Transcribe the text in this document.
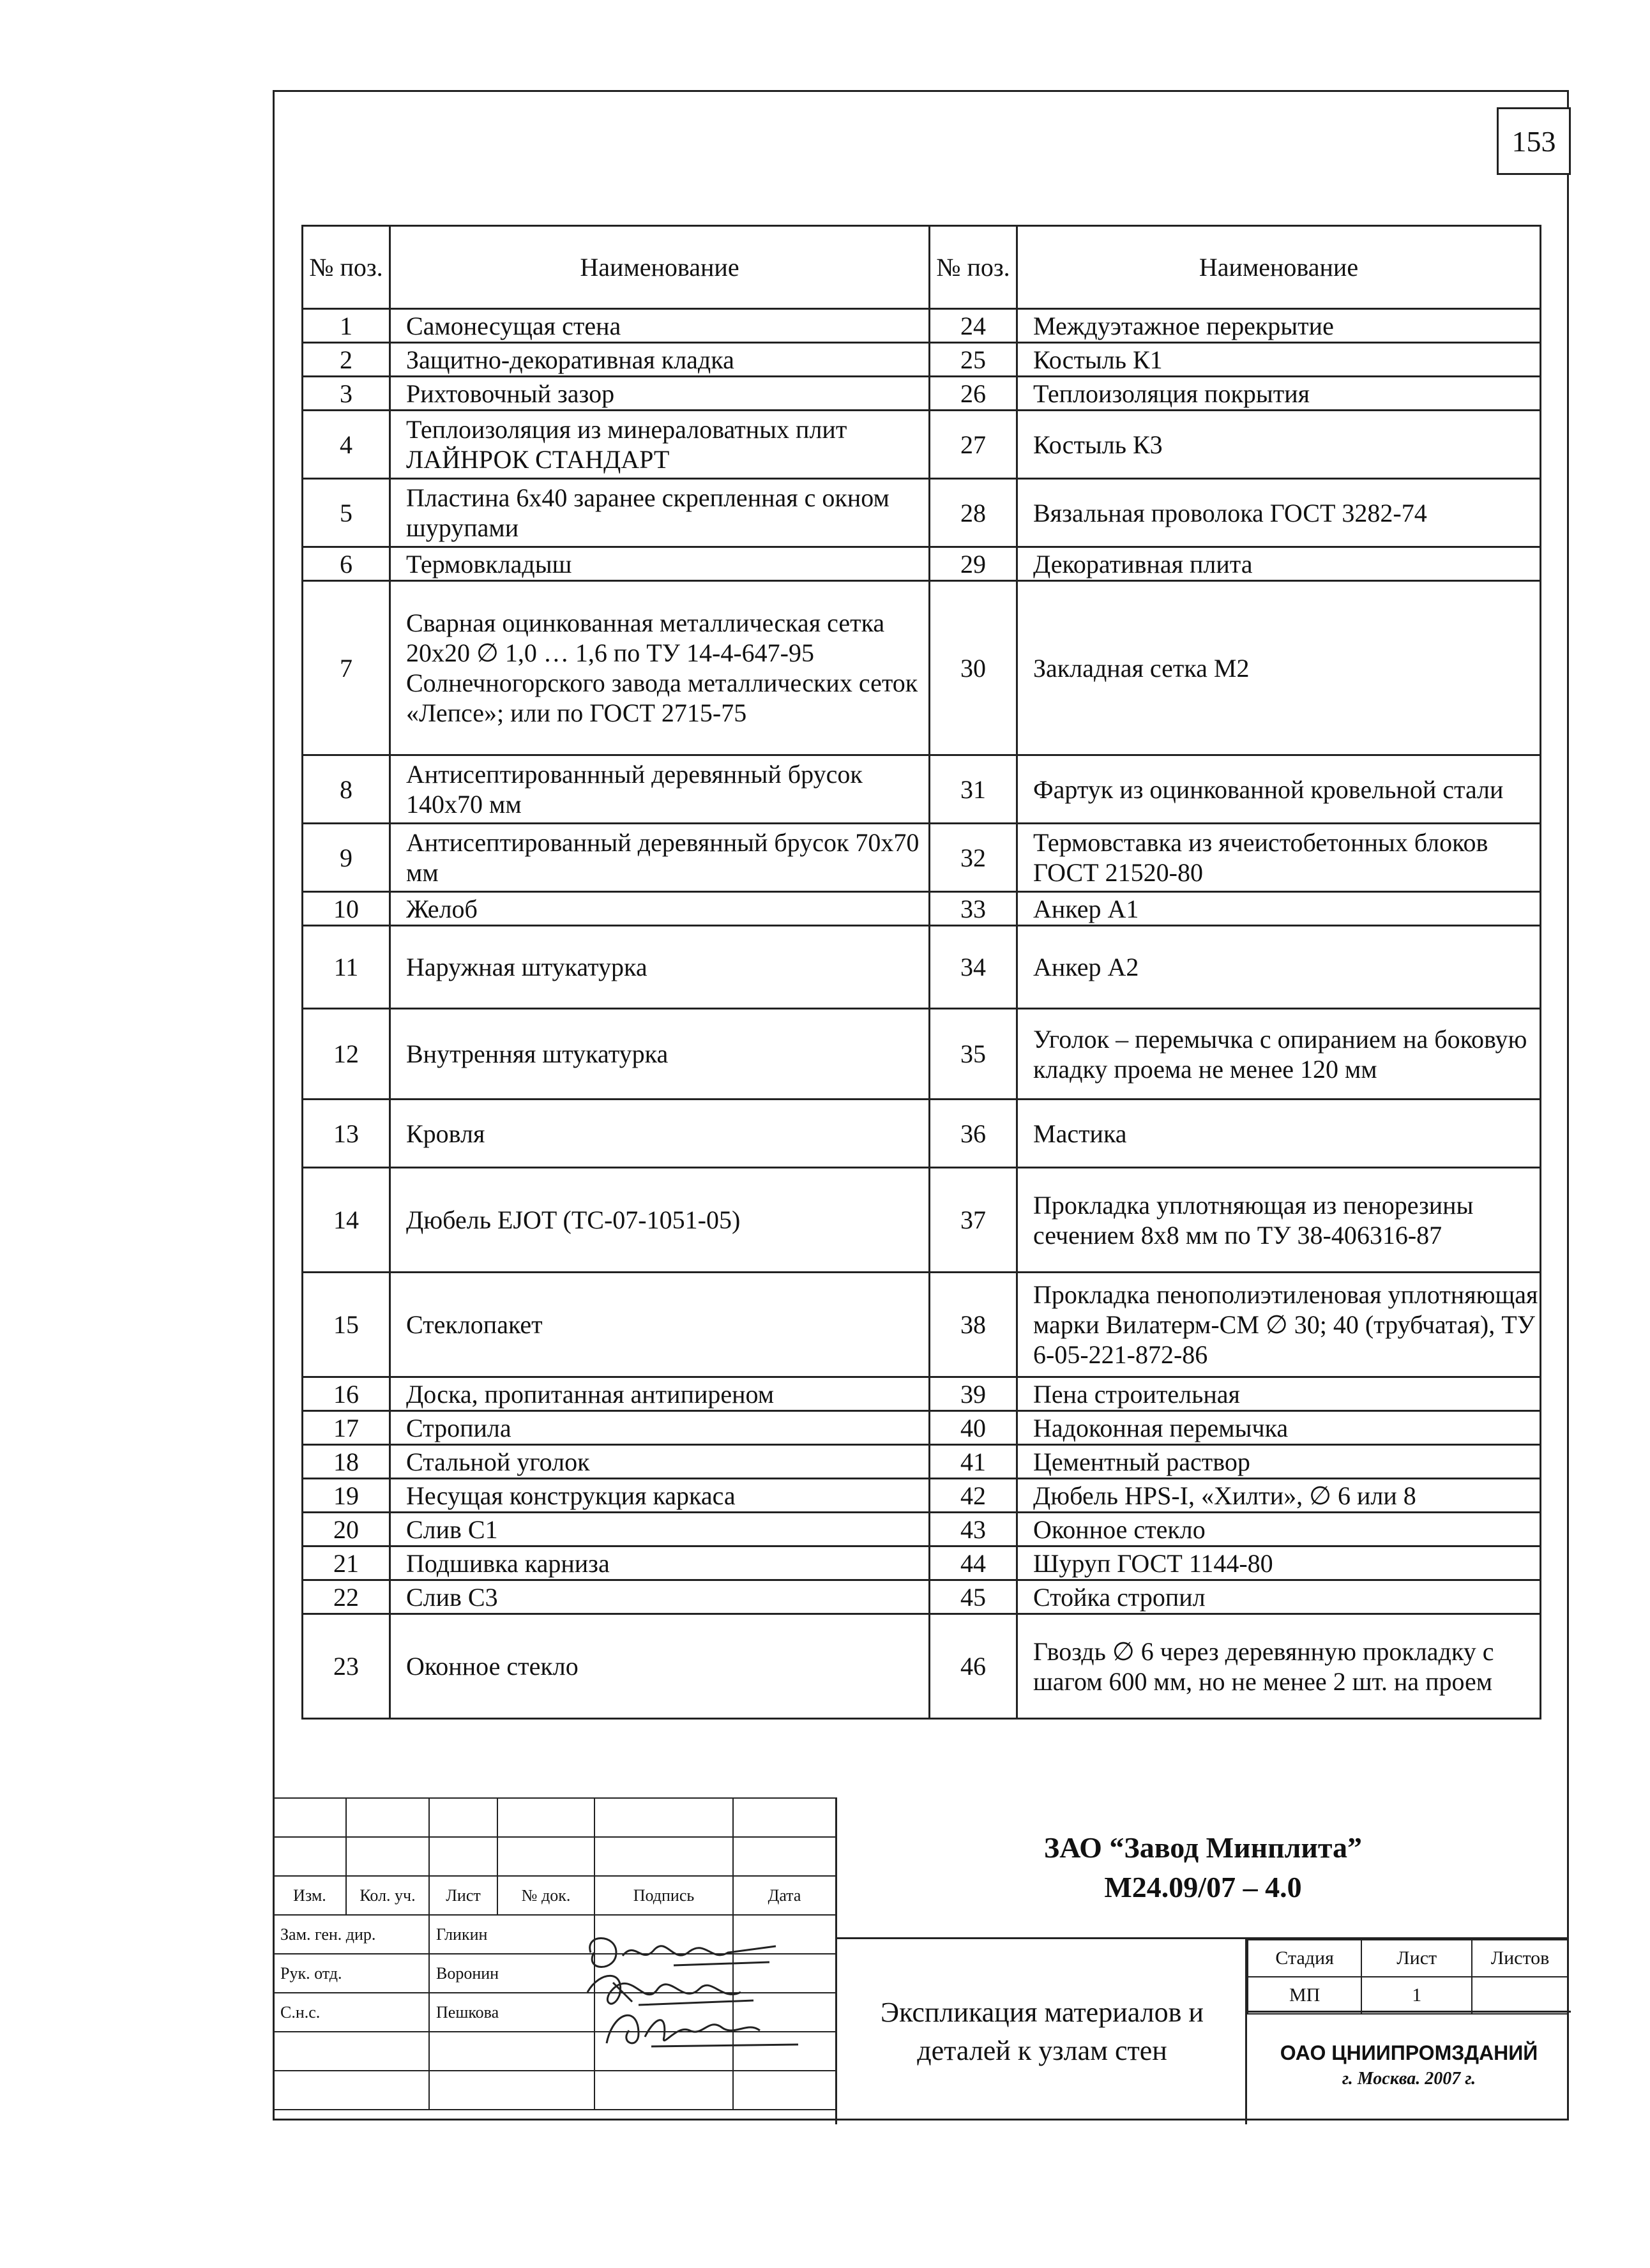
153
№ поз.	Наименование	№ поз.	Наименование
1	Самонесущая стена	24	Междуэтажное перекрытие
2	Защитно-декоративная кладка	25	Костыль К1
3	Рихтовочный зазор	26	Теплоизоляция покрытия
4	Теплоизоляция из минераловатных плит ЛАЙНРОК СТАНДАРТ	27	Костыль К3
5	Пластина 6х40 заранее скрепленная с окном шурупами	28	Вязальная проволока ГОСТ 3282-74
6	Термовкладыш	29	Декоративная плита
7	Сварная оцинкованная металлическая сетка 20х20 ∅ 1,0 … 1,6 по ТУ 14-4-647-95 Солнечногорского завода металлических сеток «Лепсе»; или по ГОСТ 2715-75	30	Закладная сетка М2
8	Антисептированнный деревянный брусок 140х70 мм	31	Фартук из оцинкованной кровельной стали
9	Антисептированный деревянный брусок 70х70 мм	32	Термовставка из ячеистобетонных блоков ГОСТ 21520-80
10	Желоб	33	Анкер А1
11	Наружная штукатурка	34	Анкер А2
12	Внутренняя штукатурка	35	Уголок – перемычка с опиранием на боковую кладку проема не менее 120 мм
13	Кровля	36	Мастика
14	Дюбель EJOT (ТС-07-1051-05)	37	Прокладка уплотняющая из пенорезины сечением 8х8 мм по ТУ 38-406316-87
15	Стеклопакет	38	Прокладка пенополиэтиленовая уплотняющая марки Вилатерм-СМ ∅ 30; 40 (трубчатая), ТУ 6-05-221-872-86
16	Доска, пропитанная антипиреном	39	Пена строительная
17	Стропила	40	Надоконная перемычка
18	Стальной уголок	41	Цементный раствор
19	Несущая конструкция каркаса	42	Дюбель HPS-I, «Хилти», ∅ 6 или 8
20	Слив С1	43	Оконное стекло
21	Подшивка карниза	44	Шуруп ГОСТ 1144-80
22	Слив С3	45	Стойка стропил
23	Оконное стекло	46	Гвоздь ∅ 6 через деревянную прокладку с шагом 600 мм, но не менее 2 шт. на проем

Изм.	Кол. уч.	Лист	№ док.	Подпись	Дата
Зам. ген. дир.		Гликин			
Рук. отд.		Воронин			
С.н.с.		Пешкова			

ЗАО “Завод Минплита”
М24.09/07 – 4.0
Экспликация материалов и деталей к узлам стен
Стадия	Лист	Листов
МП	1	
ОАО ЦНИИПРОМЗДАНИЙ
г. Москва. 2007 г.
